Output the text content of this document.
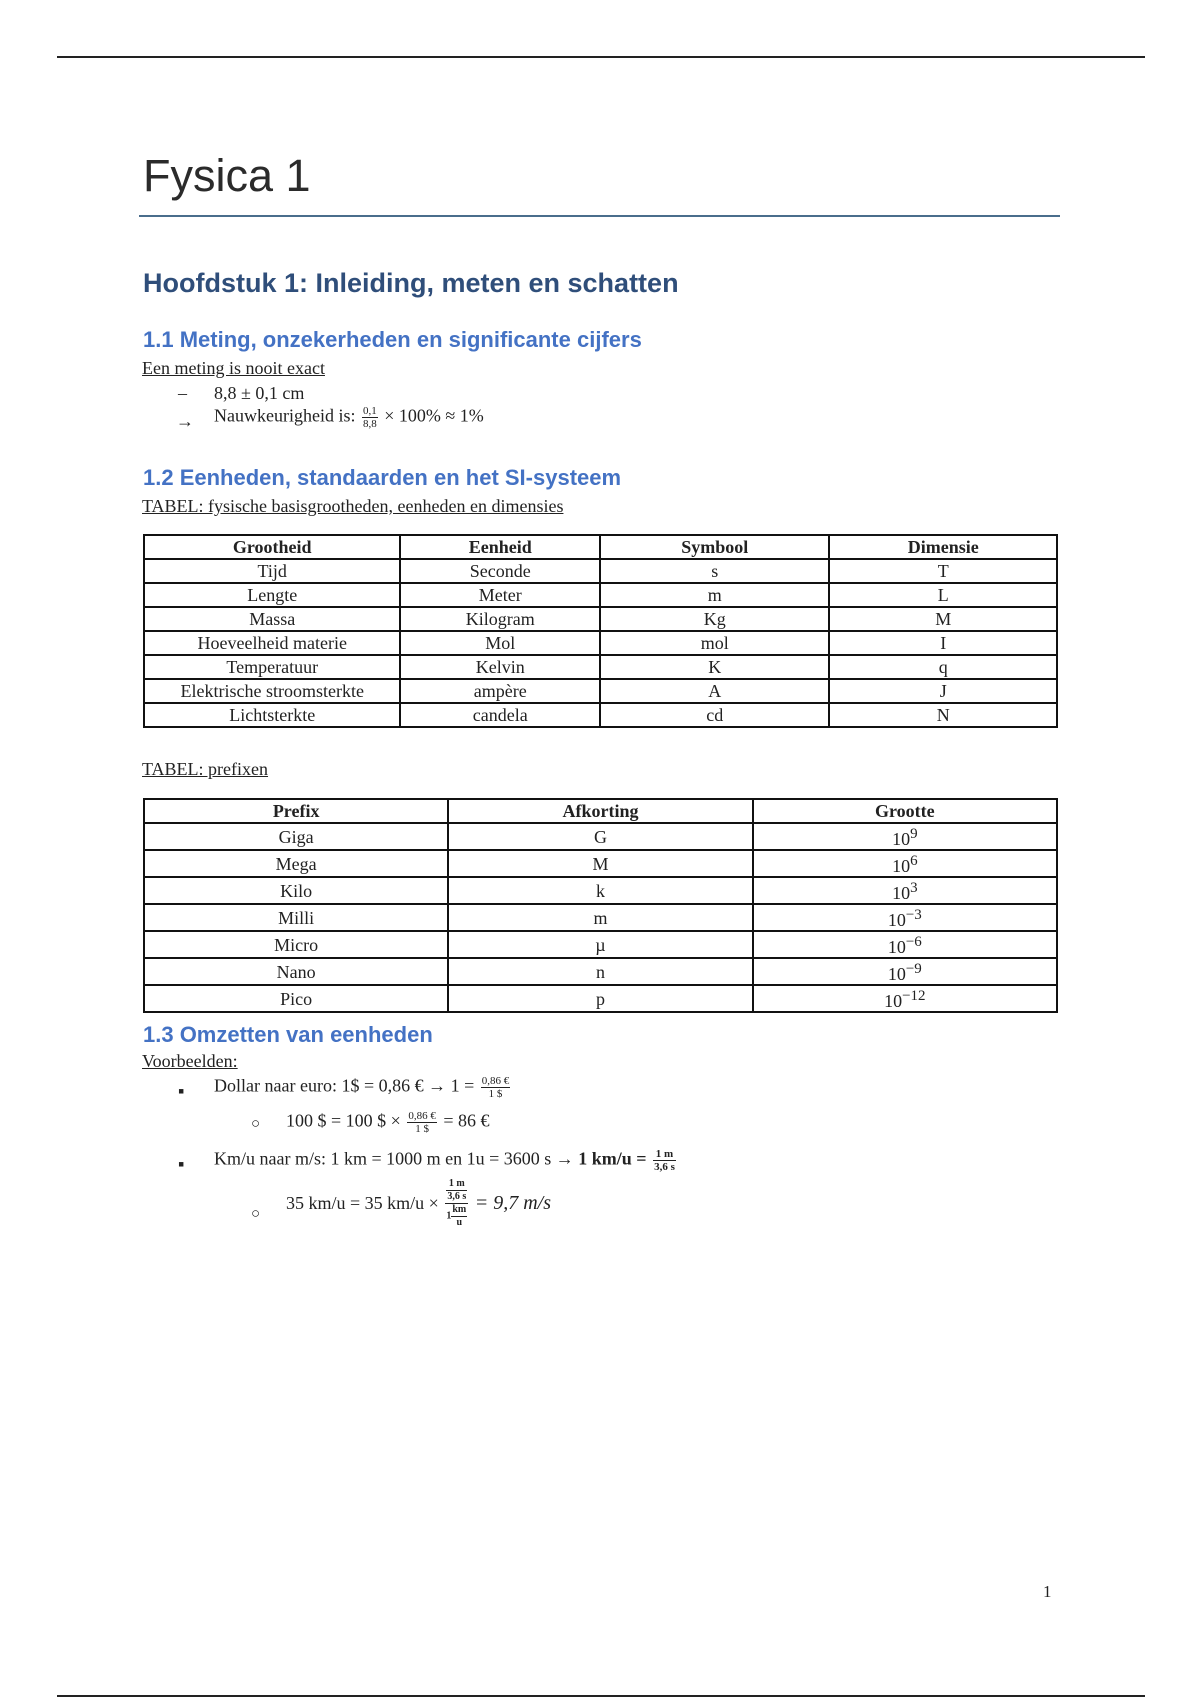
Fysica 1
Hoofdstuk 1: Inleiding, meten en schatten
1.1 Meting, onzekerheden en significante cijfers
Een meting is nooit exact
– 8,8 ± 0,1 cm
→ Nauwkeurigheid is: $\frac{0,1}{8,8} \times 100\% \approx 1\%$
1.2 Eenheden, standaarden en het SI-systeem
TABEL: fysische basisgrootheden, eenheden en dimensies
Grootheid	Eenheid	Symbool	Dimensie
Tijd	Seconde	s	T
Lengte	Meter	m	L
Massa	Kilogram	Kg	M
Hoeveelheid materie	Mol	mol	I
Temperatuur	Kelvin	K	q
Elektrische stroomsterkte	ampère	A	J
Lichtsterkte	candela	cd	N
TABEL: prefixen
Prefix	Afkorting	Grootte
Giga	G	$10^9$
Mega	M	$10^6$
Kilo	k	$10^3$
Milli	m	$10^{-3}$
Micro	µ	$10^{-6}$
Nano	n	$10^{-9}$
Pico	p	$10^{-12}$
1.3 Omzetten van eenheden
Voorbeelden:
▪ Dollar naar euro: 1$ = 0,86 € → $1 = \frac{0,86 €}{1 \$}$
○ 100 $ = 100 $ × $\frac{0,86 €}{1 \$} = 86$ €
▪ Km/u naar m/s: 1 km = 1000 m en 1u = 3600 s → 1 $km/u = \frac{1 m}{3,6 s}$
○
35 km/u = 35 km/u × 1 m
3,6 s
$1 \frac{km}{u} = 9,7$ m/s
1
